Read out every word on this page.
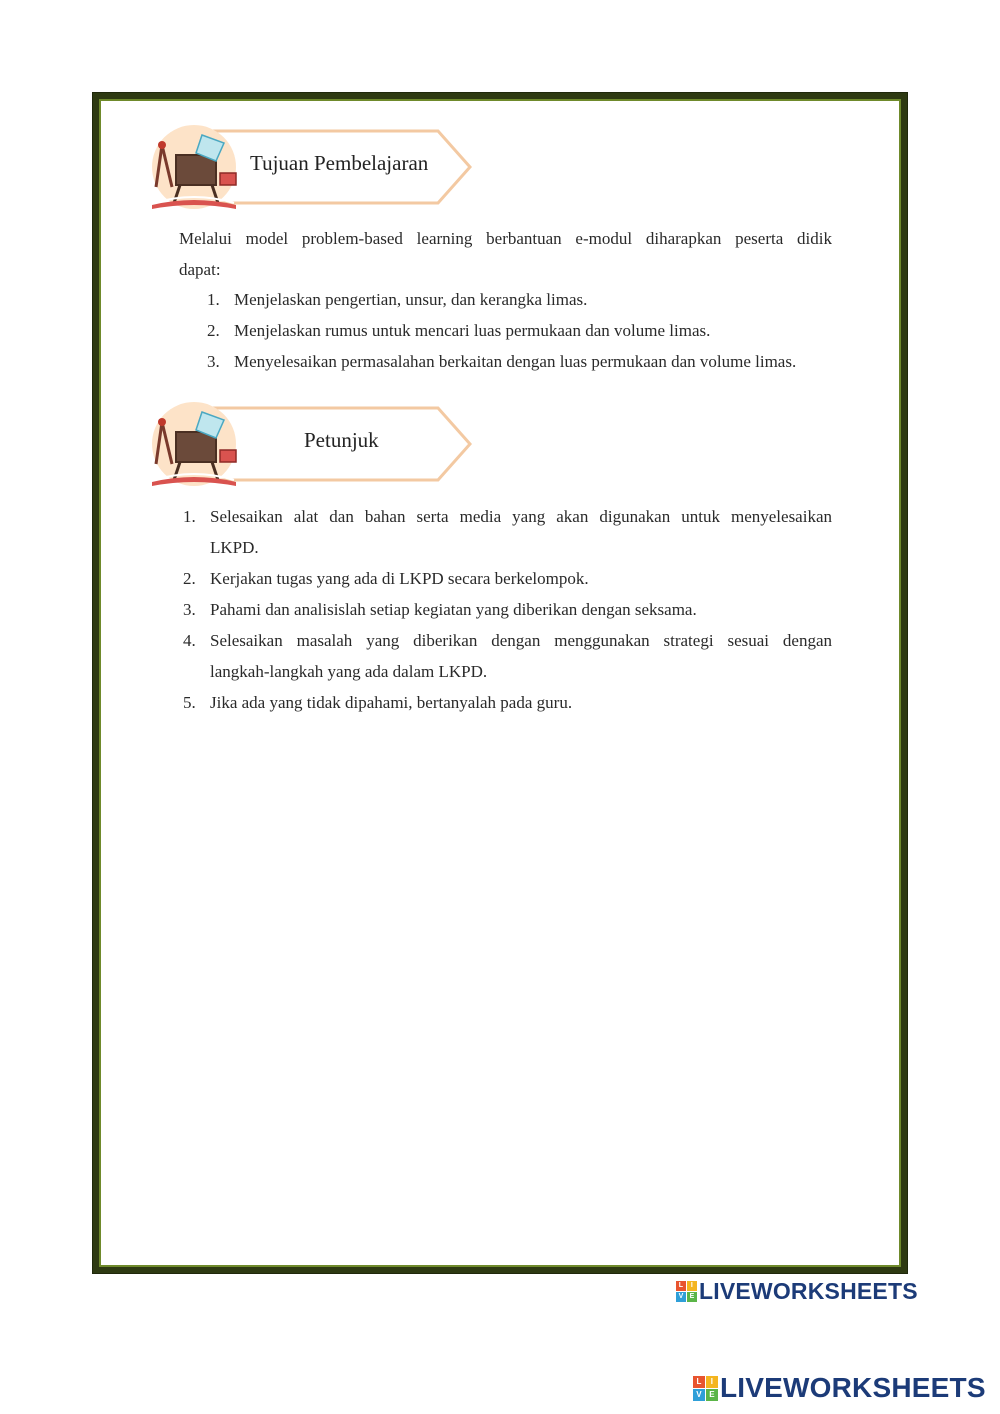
Tujuan Pembelajaran
Melalui model problem-based learning berbantuan e-modul diharapkan peserta didik
dapat:
1. Menjelaskan pengertian, unsur, dan kerangka limas.
2. Menjelaskan rumus untuk mencari luas permukaan dan volume limas.
3. Menyelesaikan permasalahan berkaitan dengan luas permukaan dan volume limas.
Petunjuk
1. Selesaikan alat dan bahan serta media yang akan digunakan untuk menyelesaikan
LKPD.
2. Kerjakan tugas yang ada di LKPD secara berkelompok.
3. Pahami dan analisislah setiap kegiatan yang diberikan dengan seksama.
4. Selesaikan masalah yang diberikan dengan menggunakan strategi sesuai dengan
langkah-langkah yang ada dalam LKPD.
5. Jika ada yang tidak dipahami, bertanyalah pada guru.
L	I
V E LIVEWORKSHEETS
L	I
V E LIVEWORKSHEETS
